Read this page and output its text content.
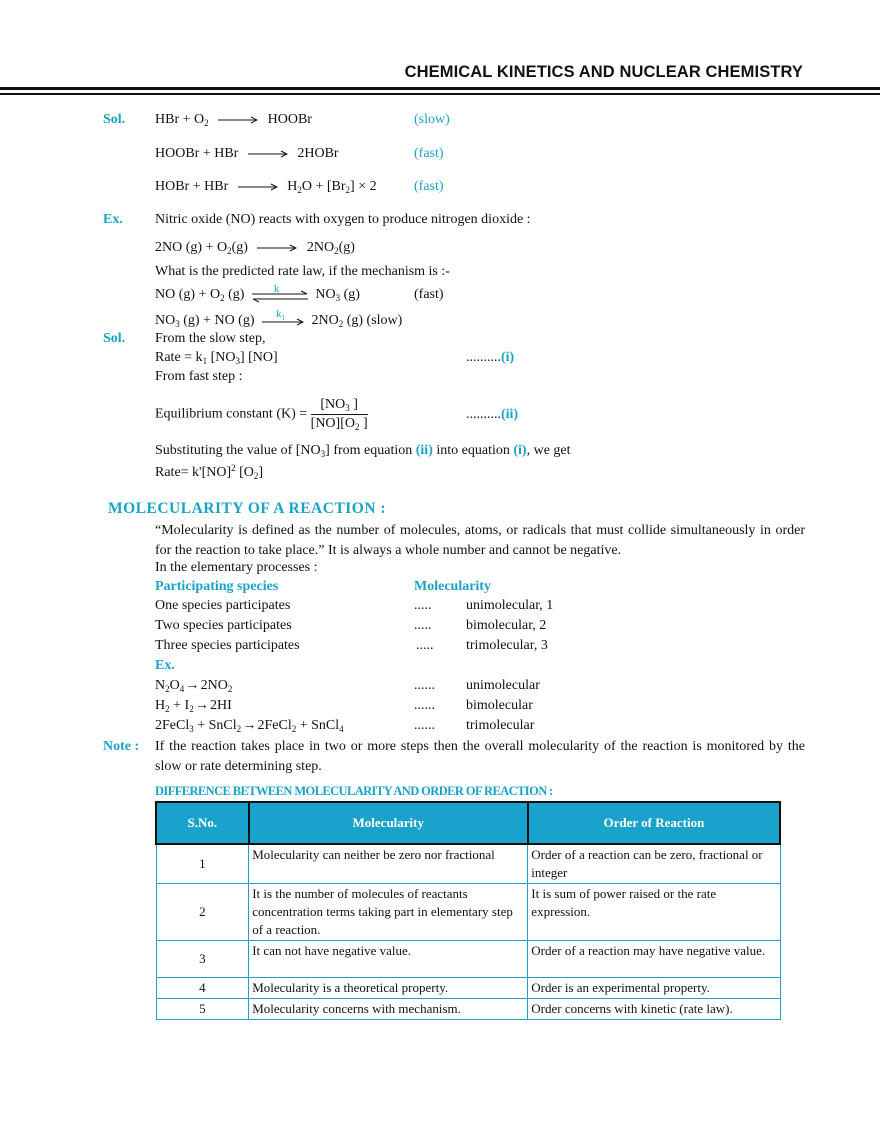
CHEMICAL KINETICS AND NUCLEAR CHEMISTRY
Sol. HBr + $O_2$	HOOBr	(slow)
HOOBr + HBr	2HOBr	(fast)
HOBr + HBr	$H_2O + [Br_2] \times 2$	(fast)
Ex. Nitric oxide (NO) reacts with oxygen to produce nitrogen dioxide :
2NO $(g) + O_2(g)$	$2NO_2(g)$
What is the predicted rate law, if the mechanism is :-
NO $(g) + O_2$ (g)	k	$NO_3$ (g)	(fast)
$NO_3$ (g) + NO (g) $k_1$ $2NO_2$ (g) (slow)
Sol. From the slow step,
Rate = $k_1$ $[NO_3]$ [NO]	..........(i)
From fast step :
Equilibrium constant $(K) = \frac{[NO_3 ]}{[NO][O_2 ]}$	..........(ii)
Substituting the value of $[NO_3]$ from equation (ii) into equation (i), we get
Rate= k'[NO]$^2$ $[O_2]$
MOLECULARITY OF A REACTION :
“Molecularity is defined as the number of molecules, atoms, or radicals that must collide simultaneously in order for the reaction to take place.” It is always a whole number and cannot be negative.
In the elementary processes :
Participating species	Molecularity
One species participates	..... unimolecular, 1
Two species participates	..... bimolecular, 2
Three species participates	..... trimolecular, 3
Ex.
$N_2O_4$ → $2NO_2$	...... unimolecular
$H_2 + I_2$ → 2HI	...... bimolecular
2FeCl$_3$ + SnCl$_2$ → 2FeCl$_2$ + SnCl$_4$	...... trimolecular
Note : If the reaction takes place in two or more steps then the overall molecularity of the reaction is monitored by the slow or rate determining step.
DIFFERENCE BETWEEN MOLECULARITY AND ORDER OF REACTION :
S.No.	Molecularity	Order of Reaction
1	Molecularity can neither be zero nor fractional	Order of a reaction can be zero, fractional or integer
2	It is the number of molecules of reactants concentration terms taking part in elementary step of a reaction.	It is sum of power raised or the rate expression.
3	It can not have negative value.	Order of a reaction may have negative value.
4	Molecularity is a theoretical property.	Order is an experimental property.
5	Molecularity concerns with mechanism.	Order concerns with kinetic (rate law).
